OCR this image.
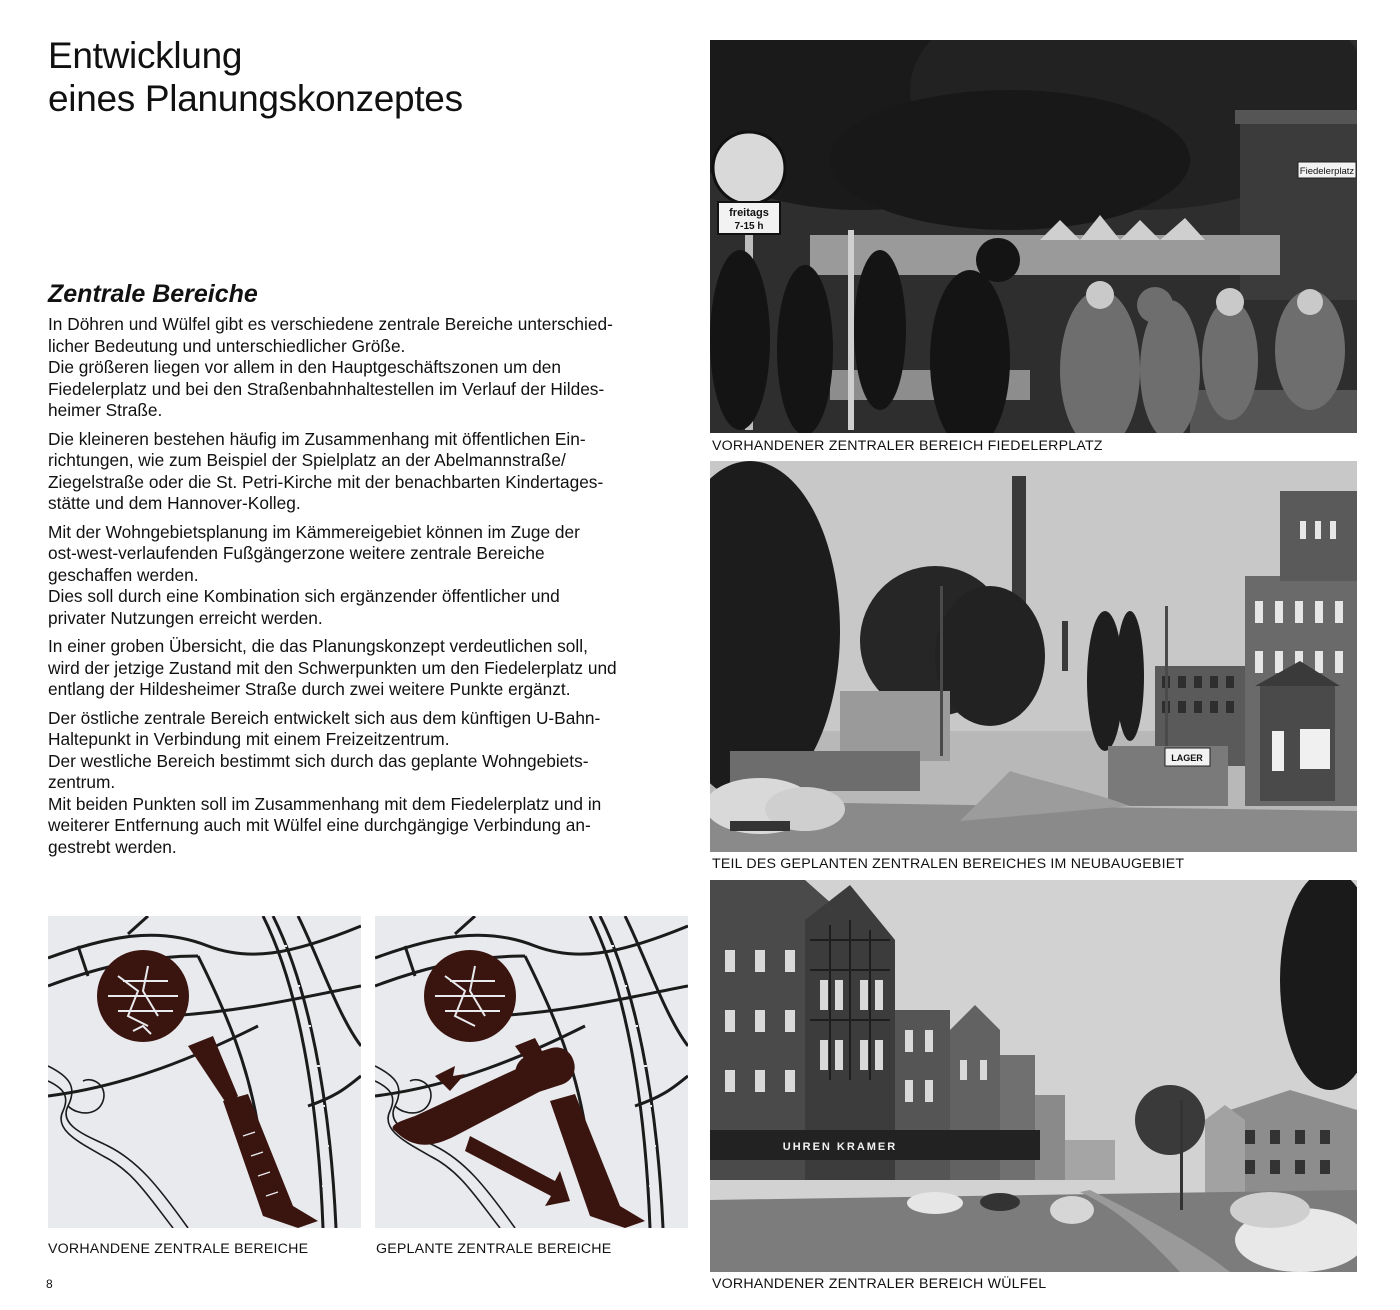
Entwicklung
eines Planungskonzeptes
Zentrale Bereiche

In Döhren und Wülfel gibt es verschiedene zentrale Bereiche unterschied-
licher Bedeutung und unterschiedlicher Größe.
Die größeren liegen vor allem in den Hauptgeschäftszonen um den
Fiedelerplatz und bei den Straßenbahnhaltestellen im Verlauf der Hildes-
heimer Straße.

Die kleineren bestehen häufig im Zusammenhang mit öffentlichen Ein-
richtungen, wie zum Beispiel der Spielplatz an der Abelmannstraße/
Ziegelstraße oder die St. Petri-Kirche mit der benachbarten Kindertages-
stätte und dem Hannover-Kolleg.

Mit der Wohngebietsplanung im Kämmereigebiet können im Zuge der
ost-west-verlaufenden Fußgängerzone weitere zentrale Bereiche
geschaffen werden.
Dies soll durch eine Kombination sich ergänzender öffentlicher und
privater Nutzungen erreicht werden.

In einer groben Übersicht, die das Planungskonzept verdeutlichen soll,
wird der jetzige Zustand mit den Schwerpunkten um den Fiedelerplatz und
entlang der Hildesheimer Straße durch zwei weitere Punkte ergänzt.

Der östliche zentrale Bereich entwickelt sich aus dem künftigen U-Bahn-
Haltepunkt in Verbindung mit einem Freizeitzentrum.
Der westliche Bereich bestimmt sich durch das geplante Wohngebiets-
zentrum.
Mit beiden Punkten soll im Zusammenhang mit dem Fiedelerplatz und in
weiterer Entfernung auch mit Wülfel eine durchgängige Verbindung an-
gestrebt werden.

VORHANDENE ZENTRALE BEREICHE	GEPLANTE ZENTRALE BEREICHE
Fiedelerplatz
freitags
7-15 h
VORHANDENER ZENTRALER BEREICH FIEDELERPLATZ
LAGER
TEIL DES GEPLANTEN ZENTRALEN BEREICHES IM NEUBAUGEBIET
UHREN KRAMER
VORHANDENER ZENTRALER BEREICH WÜLFEL
8
